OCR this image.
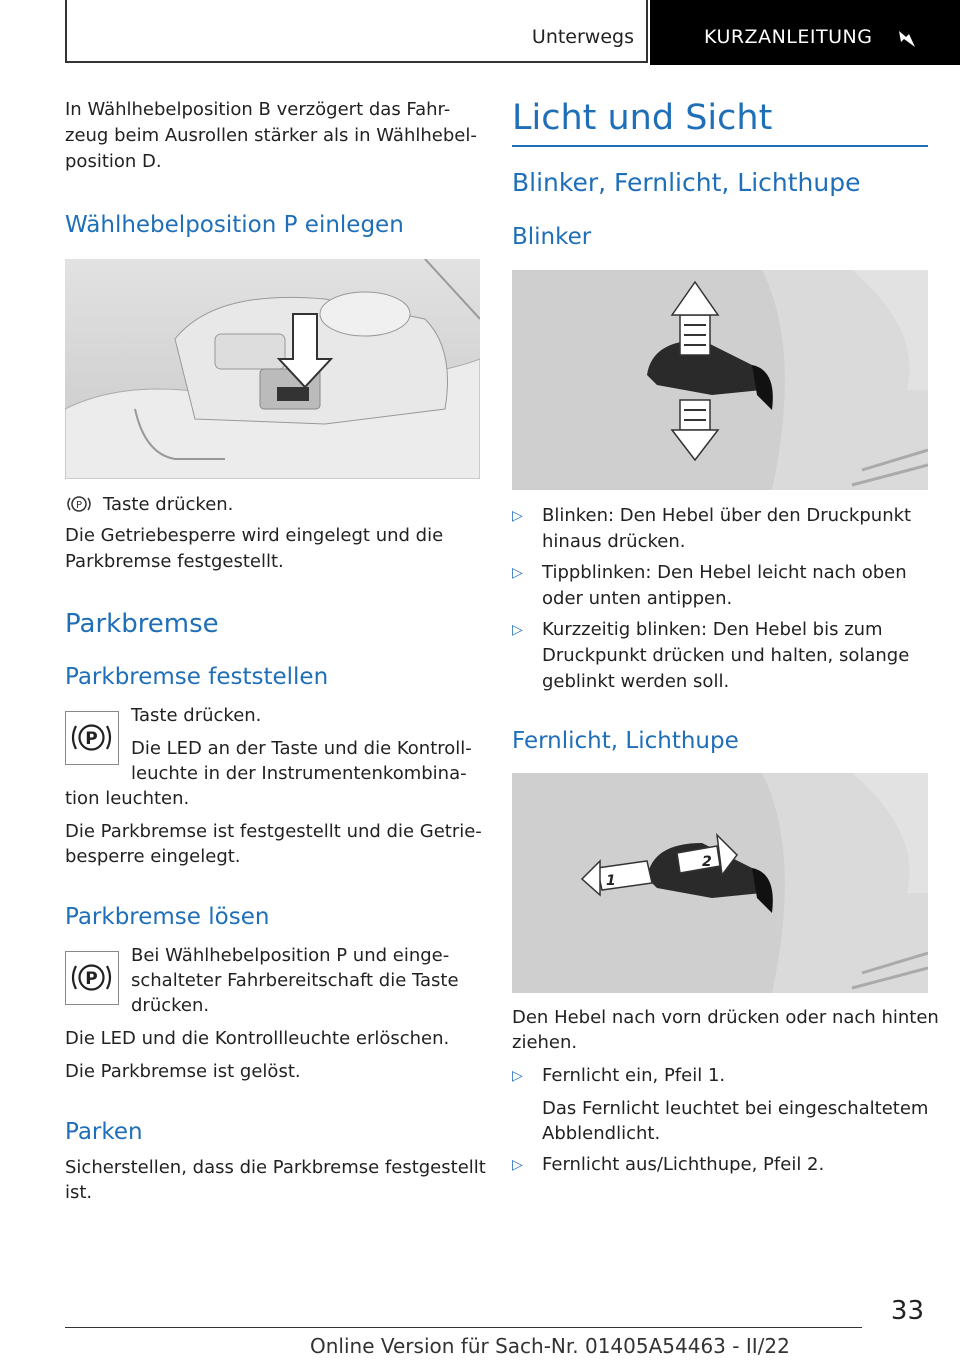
Unterwegs	KURZANLEITUNG

In Wählhebelposition B verzögert das Fahr-

zeug beim Ausrollen stärker als in Wählhebel-

position D.

Wählhebelposition P einlegen
P Taste drücken.

Die Getriebesperre wird eingelegt und die

Parkbremse festgestellt.

Parkbremse
Parkbremse feststellen
P

Taste drücken.

Die LED an der Taste und die Kontroll-

leuchte in der Instrumentenkombina-

tion leuchten.

Die Parkbremse ist festgestellt und die Getrie-

besperre eingelegt.

Parkbremse lösen
P

Bei Wählhebelposition P und einge-

schalteter Fahrbereitschaft die Taste

drücken.

Die LED und die Kontrollleuchte erlöschen.

Die Parkbremse ist gelöst.

Parken

Sicherstellen, dass die Parkbremse festgestellt

ist.

Licht und Sicht
Blinker, Fernlicht, Lichthupe
Blinker
▷ Blinken: Den Hebel über den Druckpunkt
hinaus drücken.
▷ Tippblinken: Den Hebel leicht nach oben
oder unten antippen.
▷ Kurzzeitig blinken: Den Hebel bis zum
Druckpunkt drücken und halten, solange
geblinkt werden soll.
Fernlicht, Lichthupe
1
2

Den Hebel nach vorn drücken oder nach hinten

ziehen.

▷ Fernlicht ein, Pfeil 1.

Das Fernlicht leuchtet bei eingeschaltetem

Abblendlicht.

▷ Fernlicht aus/Lichthupe, Pfeil 2.
33
Online Version für Sach-Nr. 01405A54463 - II/22
